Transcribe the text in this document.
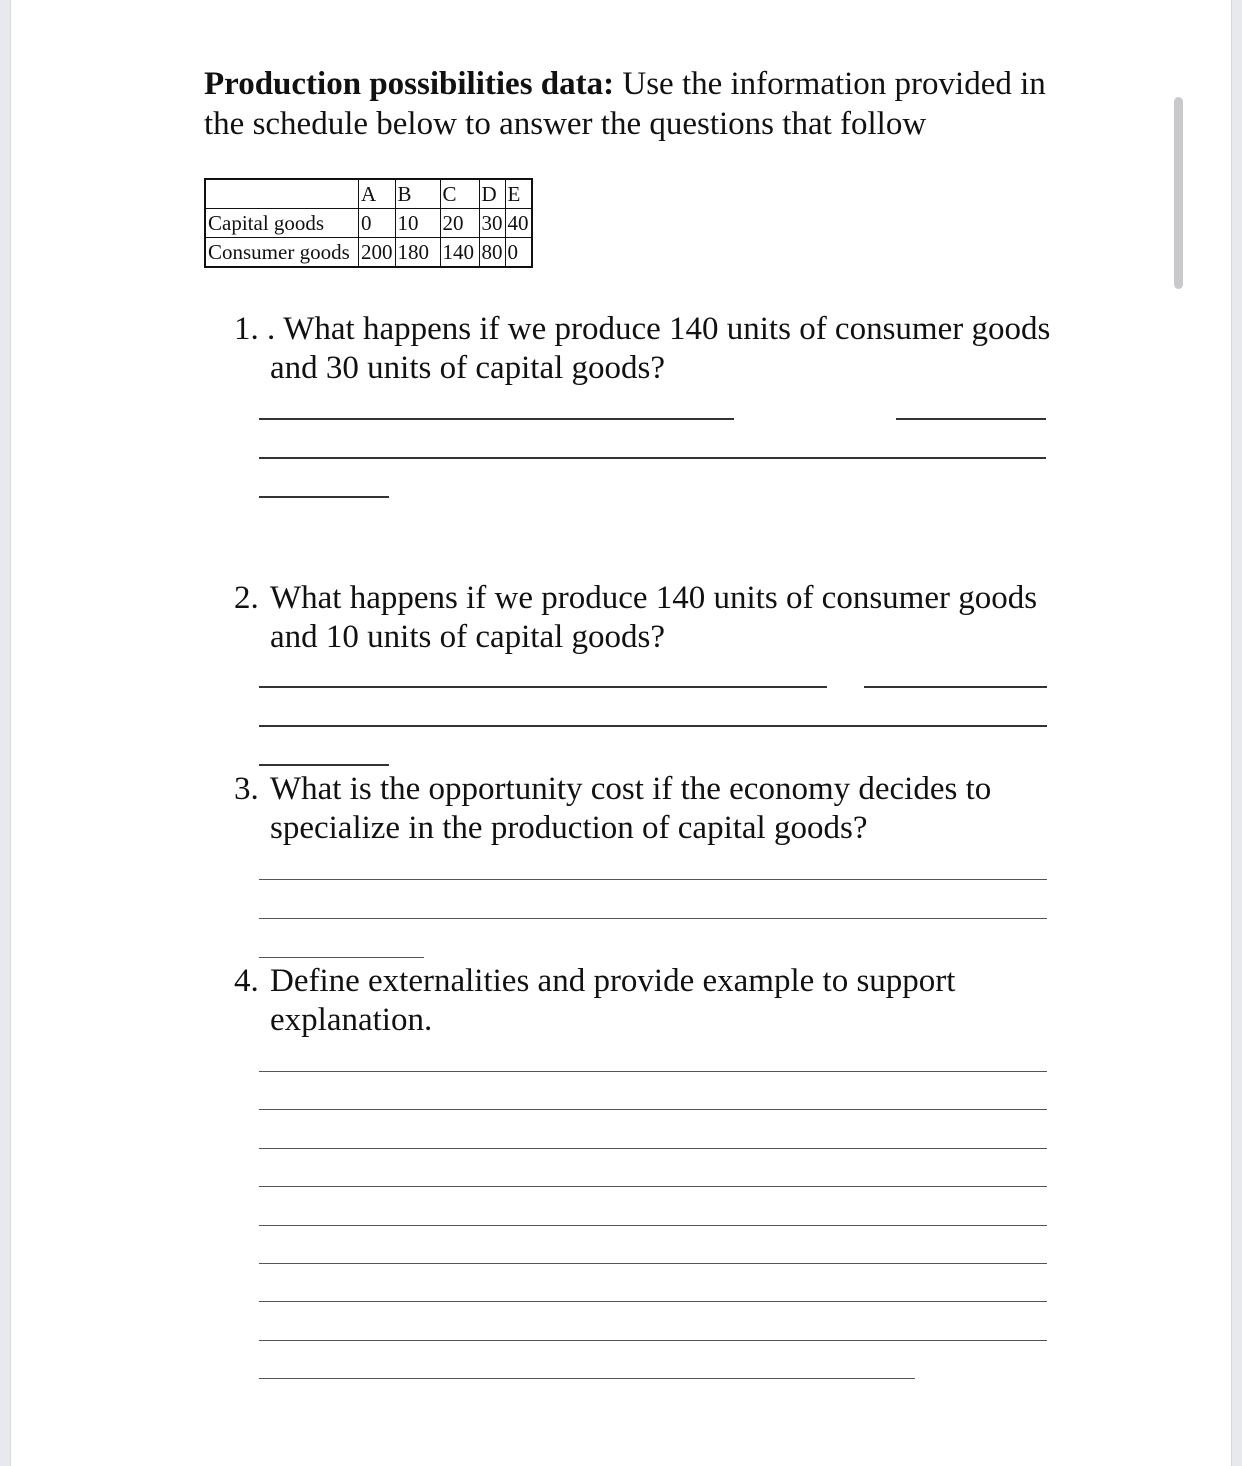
Production possibilities data: Use the information provided in
the schedule below to answer the questions that follow
	A	B	C	D	E
Capital goods	0	10	20	30	40
Consumer goods	200	180	140	80	0
1. . What happens if we produce 140 units of consumer goods
and 30 units of capital goods?
2. What happens if we produce 140 units of consumer goods
and 10 units of capital goods?
3. What is the opportunity cost if the economy decides to
specialize in the production of capital goods?
4. Define externalities and provide example to support
explanation.
